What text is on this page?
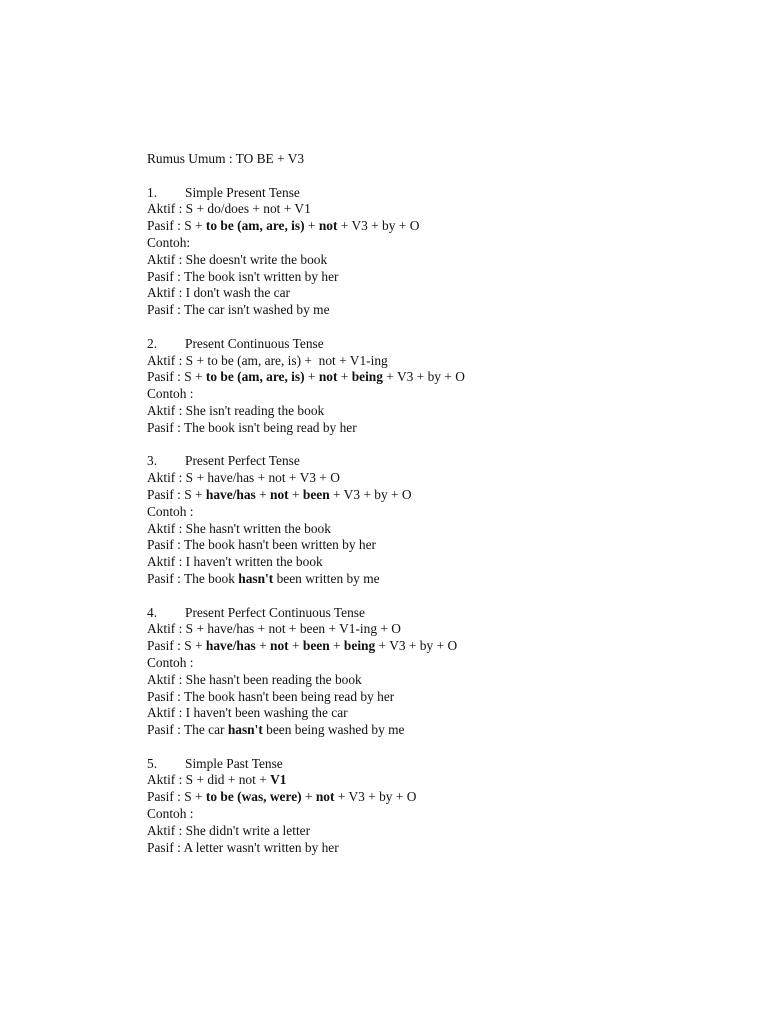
Rumus Umum : TO BE + V3
1. Simple Present Tense
Aktif : S + do/does + not + V1
Pasif : S + to be (am, are, is) + not + V3 + by + O
Contoh:
Aktif : She doesn't write the book
Pasif : The book isn't written by her
Aktif : I don't wash the car
Pasif : The car isn't washed by me
2. Present Continuous Tense
Aktif : S + to be (am, are, is) +  not + V1-ing
Pasif : S + to be (am, are, is) + not + being + V3 + by + O
Contoh :
Aktif : She isn't reading the book
Pasif : The book isn't being read by her
3. Present Perfect Tense
Aktif : S + have/has + not + V3 + O
Pasif : S + have/has + not + been + V3 + by + O
Contoh :
Aktif : She hasn't written the book
Pasif : The book hasn't been written by her
Aktif : I haven't written the book
Pasif : The book hasn't been written by me
4. Present Perfect Continuous Tense
Aktif : S + have/has + not + been + V1-ing + O
Pasif : S + have/has + not + been + being + V3 + by + O
Contoh :
Aktif : She hasn't been reading the book
Pasif : The book hasn't been being read by her
Aktif : I haven't been washing the car
Pasif : The car hasn't been being washed by me
5. Simple Past Tense
Aktif : S + did + not + V1
Pasif : S + to be (was, were) + not + V3 + by + O
Contoh :
Aktif : She didn't write a letter
Pasif : A letter wasn't written by her
